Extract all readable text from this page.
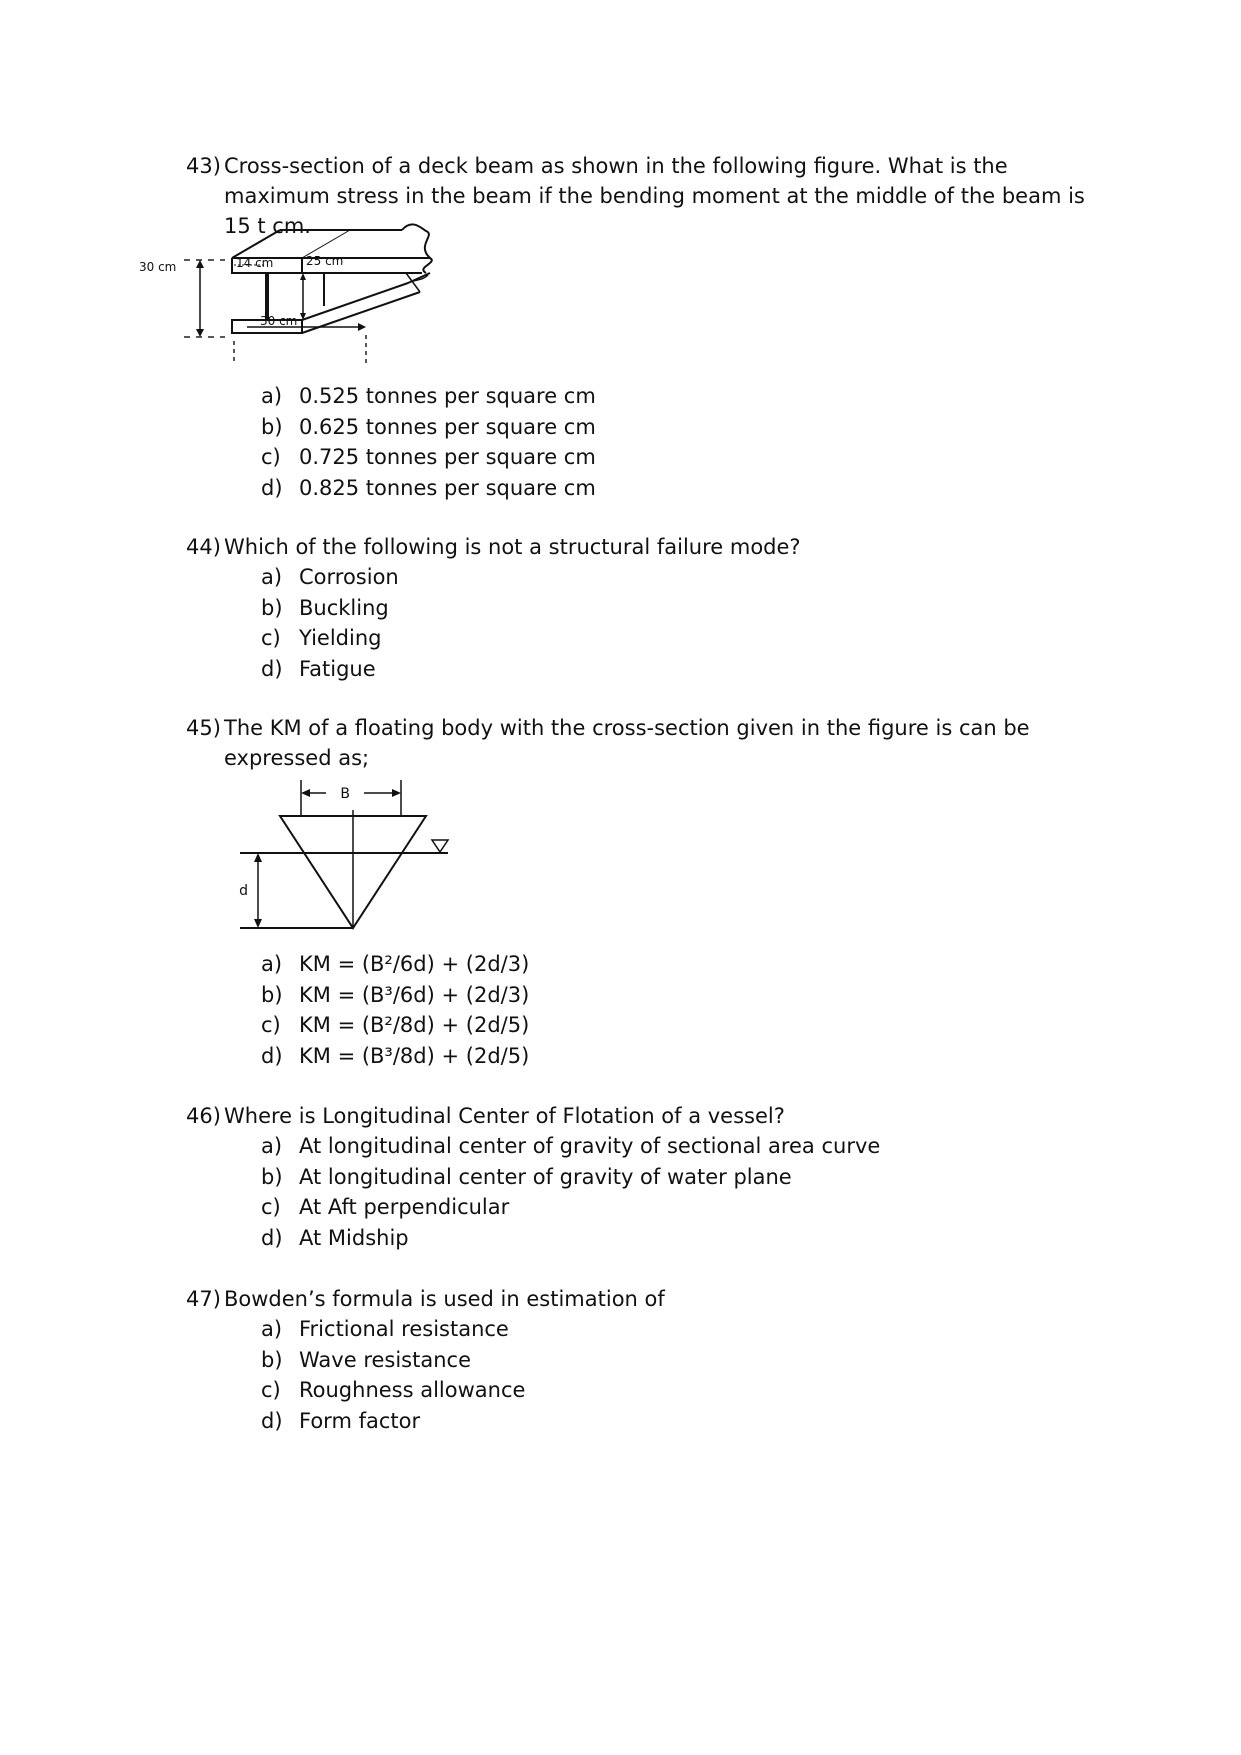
43) Cross-section of a deck beam as shown in the following figure. What is the maximum stress in the beam if the bending moment at the middle of the beam is 15 t cm.
30 cm	14 cm	25 cm
30 cm
a) 0.525 tonnes per square cm
b) 0.625 tonnes per square cm
c) 0.725 tonnes per square cm
d) 0.825 tonnes per square cm
44) Which of the following is not a structural failure mode?
a) Corrosion
b) Buckling
c) Yielding
d) Fatigue
45) The KM of a floating body with the cross-section given in the figure is can be expressed as;
B
d
a) KM = (B²/6d) + (2d/3)
b) KM = (B³/6d) + (2d/3)
c) KM = (B²/8d) + (2d/5)
d) KM = (B³/8d) + (2d/5)
46) Where is Longitudinal Center of Flotation of a vessel?
a) At longitudinal center of gravity of sectional area curve
b) At longitudinal center of gravity of water plane
c) At Aft perpendicular
d) At Midship
47) Bowden’s formula is used in estimation of
a) Frictional resistance
b) Wave resistance
c) Roughness allowance
d) Form factor
